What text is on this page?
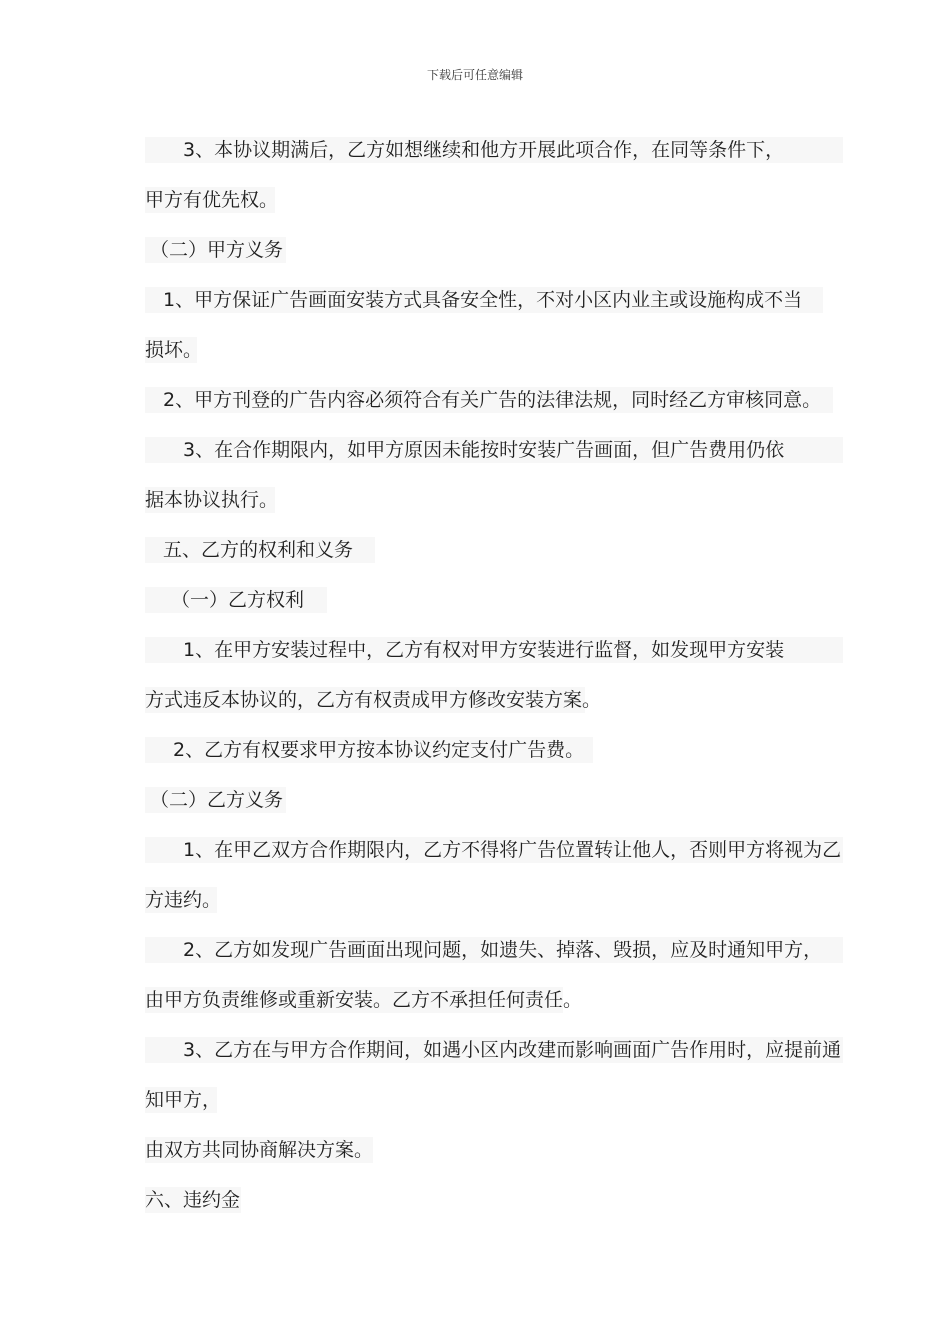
下载后可任意编辑
3、本协议期满后，乙方如想继续和他方开展此项合作，在同等条件下，
甲方有优先权。
（二）甲方义务
1、甲方保证广告画面安装方式具备安全性，不对小区内业主或设施构成不当
损坏。
2、甲方刊登的广告内容必须符合有关广告的法律法规，同时经乙方审核同意。
3、在合作期限内，如甲方原因未能按时安装广告画面，但广告费用仍依
据本协议执行。
五、乙方的权利和义务
（一）乙方权利
1、在甲方安装过程中，乙方有权对甲方安装进行监督，如发现甲方安装
方式违反本协议的，乙方有权责成甲方修改安装方案。
2、乙方有权要求甲方按本协议约定支付广告费。
（二）乙方义务
1、在甲乙双方合作期限内，乙方不得将广告位置转让他人，否则甲方将视为乙
方违约。
2、乙方如发现广告画面出现问题，如遗失、掉落、毁损，应及时通知甲方，
由甲方负责维修或重新安装。乙方不承担任何责任。
3、乙方在与甲方合作期间，如遇小区内改建而影响画面广告作用时，应提前通
知甲方，
由双方共同协商解决方案。
六、违约金
